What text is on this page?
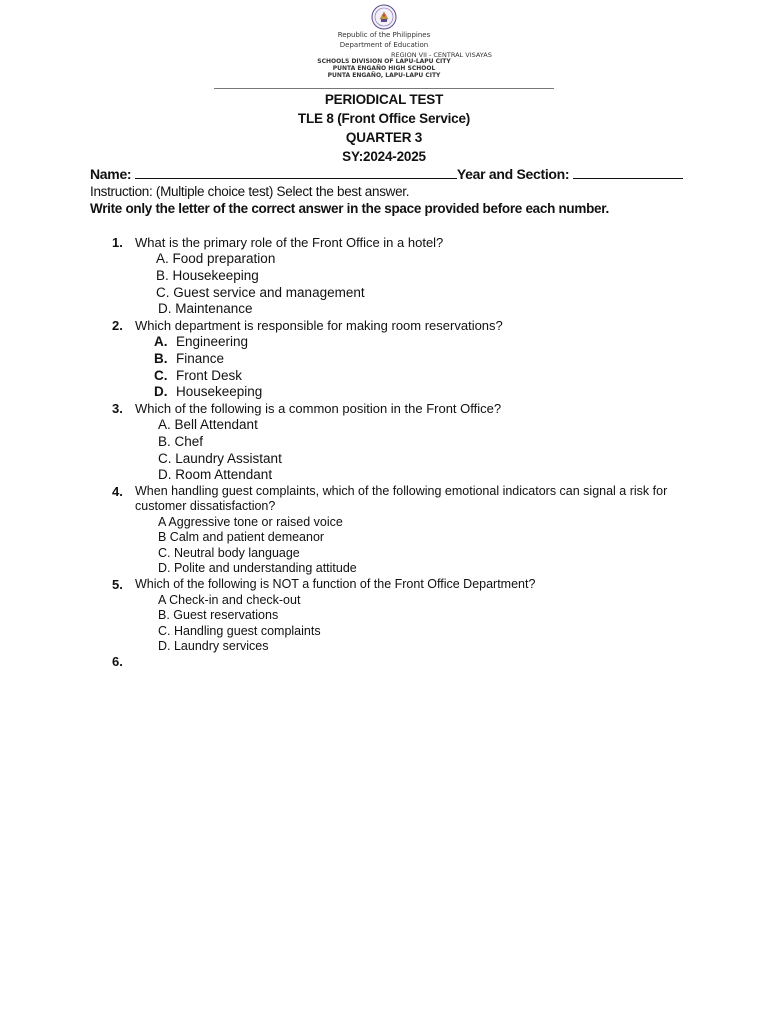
Republic of the Philippines
Department of Education
REGION VII - CENTRAL VISAYAS
SCHOOLS DIVISION OF LAPU-LAPU CITY
PUNTA ENGAÑO HIGH SCHOOL
PUNTA ENGAÑO, LAPU-LAPU CITY
PERIODICAL TEST
TLE 8 (Front Office Service)
QUARTER 3
SY:2024-2025
Name:	Year and Section:
Instruction: (Multiple choice test) Select the best answer.
Write only the letter of the correct answer in the space provided before each number.
1. What is the primary role of the Front Office in a hotel?
A. Food preparation
B. Housekeeping
C. Guest service and management
D. Maintenance
2. Which department is responsible for making room reservations?
A. Engineering
B. Finance
C. Front Desk
D. Housekeeping
3. Which of the following is a common position in the Front Office?
A. Bell Attendant
B. Chef
C. Laundry Assistant
D. Room Attendant
4. When handling guest complaints, which of the following emotional indicators can signal a risk for customer dissatisfaction?
A Aggressive tone or raised voice
B Calm and patient demeanor
C. Neutral body language
D. Polite and understanding attitude
5. Which of the following is NOT a function of the Front Office Department?
A Check-in and check-out
B. Guest reservations
C. Handling guest complaints
D. Laundry services
6.
